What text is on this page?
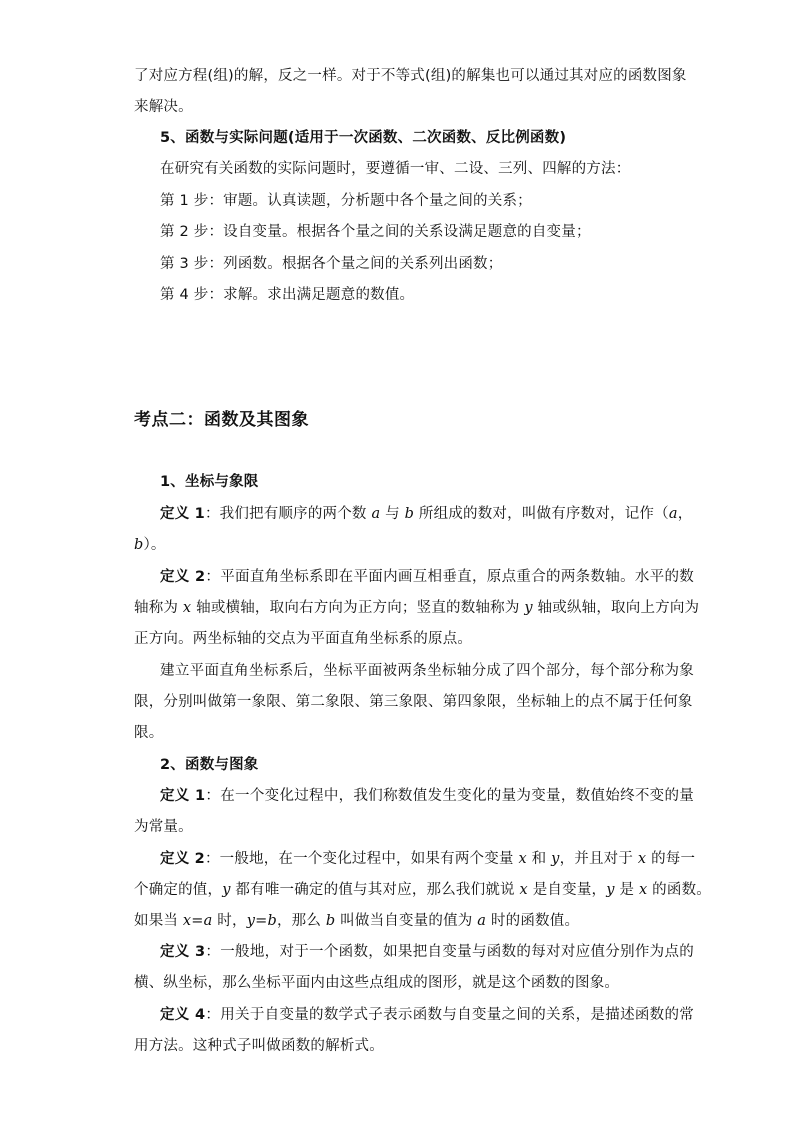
了对应方程(组)的解，反之一样。对于不等式(组)的解集也可以通过其对应的函数图象
来解决。
5、函数与实际问题(适用于一次函数、二次函数、反比例函数)
在研究有关函数的实际问题时，要遵循一审、二设、三列、四解的方法：
第 1 步：审题。认真读题，分析题中各个量之间的关系；
第 2 步：设自变量。根据各个量之间的关系设满足题意的自变量；
第 3 步：列函数。根据各个量之间的关系列出函数；
第 4 步：求解。求出满足题意的数值。
考点二：函数及其图象
1、坐标与象限
定义 1：我们把有顺序的两个数 a 与 b 所组成的数对，叫做有序数对，记作（a，
b）。
定义 2：平面直角坐标系即在平面内画互相垂直，原点重合的两条数轴。水平的数
轴称为 x 轴或横轴，取向右方向为正方向；竖直的数轴称为 y 轴或纵轴，取向上方向为
正方向。两坐标轴的交点为平面直角坐标系的原点。
建立平面直角坐标系后，坐标平面被两条坐标轴分成了四个部分，每个部分称为象
限，分别叫做第一象限、第二象限、第三象限、第四象限，坐标轴上的点不属于任何象
限。
2、函数与图象
定义 1：在一个变化过程中，我们称数值发生变化的量为变量，数值始终不变的量
为常量。
定义 2：一般地，在一个变化过程中，如果有两个变量 x 和 y，并且对于 x 的每一
个确定的值，y 都有唯一确定的值与其对应，那么我们就说 x 是自变量，y 是 x 的函数。
如果当 x=a 时，y=b，那么 b 叫做当自变量的值为 a 时的函数值。
定义 3：一般地，对于一个函数，如果把自变量与函数的每对对应值分别作为点的
横、纵坐标，那么坐标平面内由这些点组成的图形，就是这个函数的图象。
定义 4：用关于自变量的数学式子表示函数与自变量之间的关系，是描述函数的常
用方法。这种式子叫做函数的解析式。
